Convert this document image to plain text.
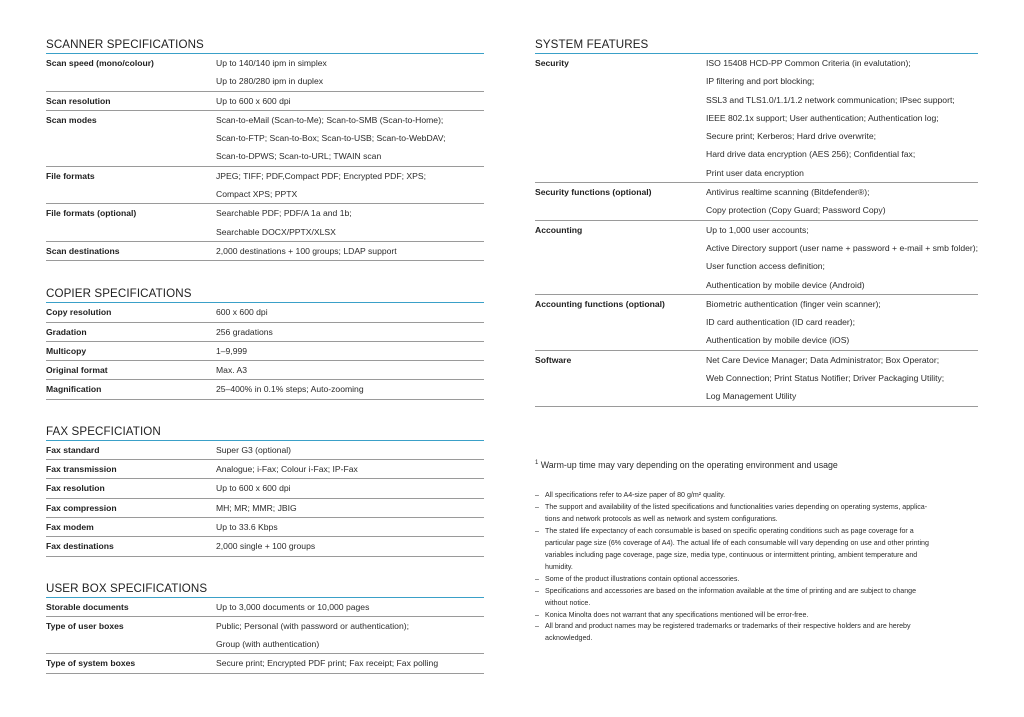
SCANNER SPECIFICATIONS
Scan speed (mono/colour)	Up to 140/140 ipm in simplex
Up to 280/280 ipm in duplex
Scan resolution	Up to 600 x 600 dpi
Scan modes	Scan-to-eMail (Scan-to-Me); Scan-to-SMB (Scan-to-Home);
Scan-to-FTP; Scan-to-Box; Scan-to-USB; Scan-to-WebDAV;
Scan-to-DPWS; Scan-to-URL; TWAIN scan
File formats	JPEG; TIFF; PDF,Compact PDF; Encrypted PDF; XPS;
Compact XPS; PPTX
File formats (optional)	Searchable PDF; PDF/A 1a and 1b;
Searchable DOCX/PPTX/XLSX
Scan destinations	2,000 destinations + 100 groups; LDAP support
COPIER SPECIFICATIONS
Copy resolution	600 x 600 dpi
Gradation	256 gradations
Multicopy	1–9,999
Original format	Max. A3
Magnification	25–400% in 0.1% steps; Auto-zooming
FAX SPECFICIATION
Fax standard	Super G3 (optional)
Fax transmission	Analogue; i-Fax; Colour i-Fax; IP-Fax
Fax resolution	Up to 600 x 600 dpi
Fax compression	MH; MR; MMR; JBIG
Fax modem	Up to 33.6 Kbps
Fax destinations	2,000 single + 100 groups
USER BOX SPECIFICATIONS
Storable documents	Up to 3,000 documents or 10,000 pages
Type of user boxes	Public; Personal (with password or authentication);
Group (with authentication)
Type of system boxes	Secure print; Encrypted PDF print; Fax receipt; Fax polling
SYSTEM FEATURES
Security	ISO 15408 HCD-PP Common Criteria (in evalutation);
IP filtering and port blocking;
SSL3 and TLS1.0/1.1/1.2 network communication; IPsec support;
IEEE 802.1x support; User authentication; Authentication log;
Secure print; Kerberos; Hard drive overwrite;
Hard drive data encryption (AES 256); Confidential fax;
Print user data encryption
Security functions (optional)	Antivirus realtime scanning (Bitdefender®);
Copy protection (Copy Guard; Password Copy)
Accounting	Up to 1,000 user accounts;
Active Directory support (user name + password + e-mail + smb folder);
User function access definition;
Authentication by mobile device (Android)
Accounting functions (optional)	Biometric authentication (finger vein scanner);
ID card authentication (ID card reader);
Authentication by mobile device (iOS)
Software	Net Care Device Manager; Data Administrator; Box Operator;
Web Connection; Print Status Notifier; Driver Packaging Utility;
Log Management Utility
$^1$ Warm-up time may vary depending on the operating environment and usage
– All specifications refer to A4-size paper of 80 g/m² quality.
– The support and availability of the listed specifications and functionalities varies depending on operating systems, applica-
tions and network protocols as well as network and system configurations.
– The stated life expectancy of each consumable is based on specific operating conditions such as page coverage for a
particular page size (6% coverage of A4). The actual life of each consumable will vary depending on use and other printing
variables including page coverage, page size, media type, continuous or intermittent printing, ambient temperature and
humidity.
– Some of the product illustrations contain optional accessories.
– Specifications and accessories are based on the information available at the time of printing and are subject to change
without notice.
– Konica Minolta does not warrant that any specifications mentioned will be error-free.
– All brand and product names may be registered trademarks or trademarks of their respective holders and are hereby
acknowledged.
